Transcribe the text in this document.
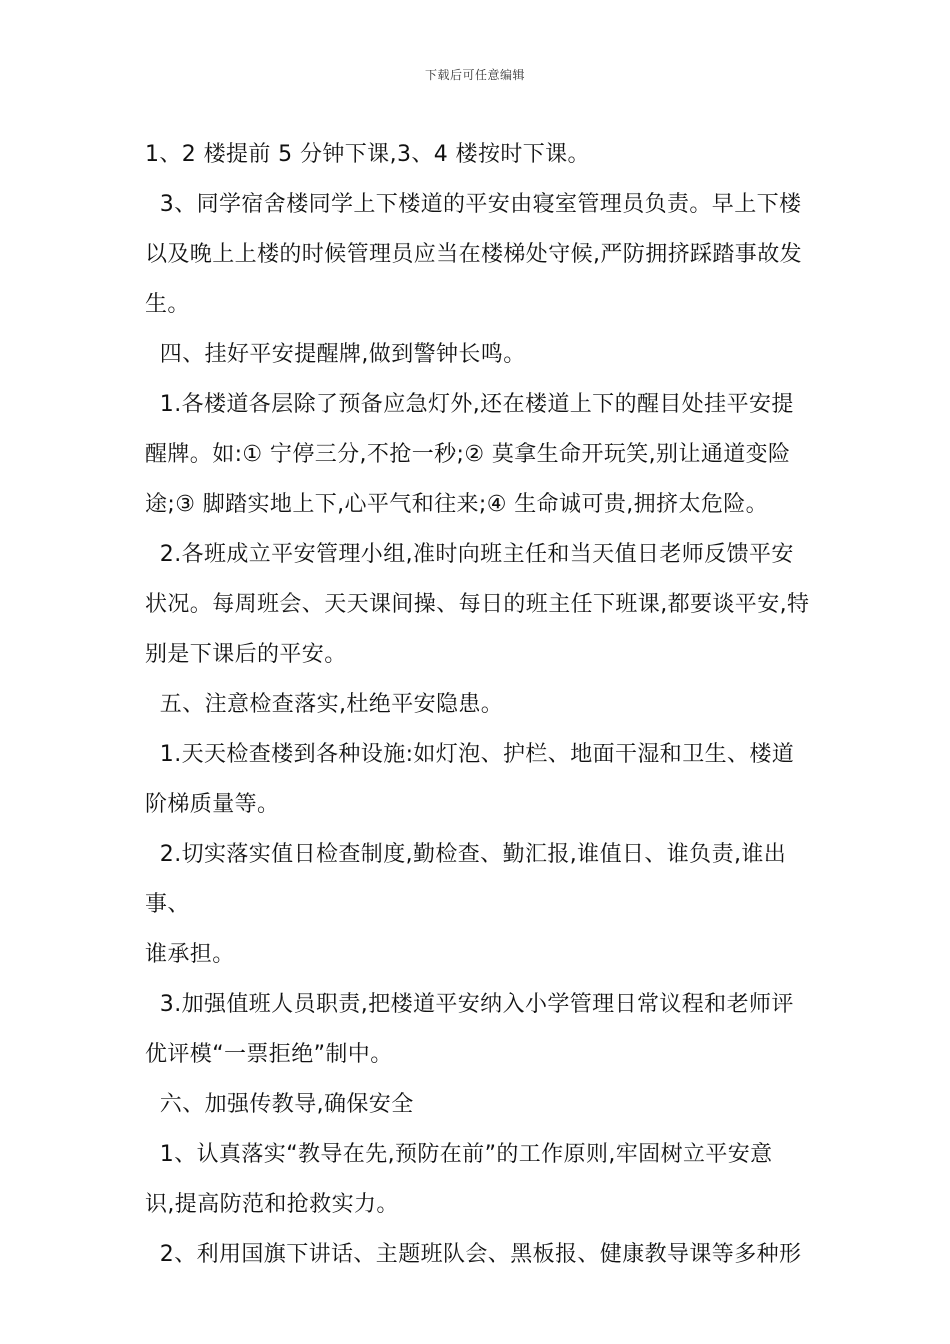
下载后可任意编辑
1、2 楼提前 5 分钟下课,3、4 楼按时下课。
3、同学宿舍楼同学上下楼道的平安由寝室管理员负责。早上下楼
以及晚上上楼的时候管理员应当在楼梯处守候,严防拥挤踩踏事故发
生。
四、挂好平安提醒牌,做到警钟长鸣。
1.各楼道各层除了预备应急灯外,还在楼道上下的醒目处挂平安提
醒牌。如:① 宁停三分,不抢一秒;② 莫拿生命开玩笑,别让通道变险
途;③ 脚踏实地上下,心平气和往来;④ 生命诚可贵,拥挤太危险。
2.各班成立平安管理小组,准时向班主任和当天值日老师反馈平安
状况。每周班会、天天课间操、每日的班主任下班课,都要谈平安,特
别是下课后的平安。
五、注意检查落实,杜绝平安隐患。
1.天天检查楼到各种设施:如灯泡、护栏、地面干湿和卫生、楼道
阶梯质量等。
2.切实落实值日检查制度,勤检查、勤汇报,谁值日、谁负责,谁出事、
谁承担。
3.加强值班人员职责,把楼道平安纳入小学管理日常议程和老师评
优评模“一票拒绝”制中。
六、加强传教导,确保安全
1、认真落实“教导在先,预防在前”的工作原则,牢固树立平安意
识,提高防范和抢救实力。
2、利用国旗下讲话、主题班队会、黑板报、健康教导课等多种形
